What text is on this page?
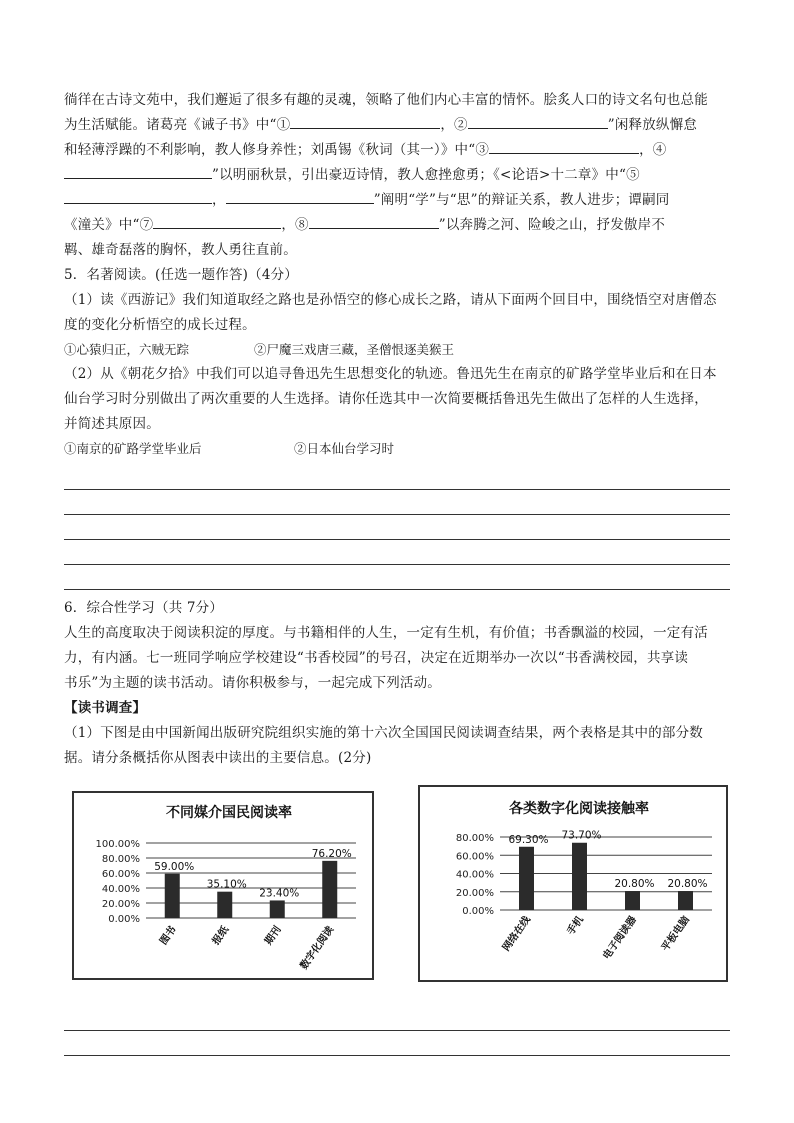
徜徉在古诗文苑中，我们邂逅了很多有趣的灵魂，领略了他们内心丰富的情怀。脍炙人口的诗文名句也总能

为生活赋能。诸葛亮《诫子书》中“①	，②	”闲释放纵懈怠

和轻薄浮躁的不利影响，教人修身养性；刘禹锡《秋词（其一）》中“③	，④

”以明丽秋景，引出豪迈诗情，教人愈挫愈勇；《<论语>十二章》中“⑤

，	”阐明“学”与“思”的辩证关系，教人进步；谭嗣同

《潼关》中“⑦	，⑧	”以奔腾之河、险峻之山，抒发傲岸不

羁、雄奇磊落的胸怀，教人勇往直前。

5．名著阅读。(任选一题作答)（4分）

（1）读《西游记》我们知道取经之路也是孙悟空的修心成长之路，请从下面两个回目中，围绕悟空对唐僧态

度的变化分析悟空的成长过程。

①心猿归正，六贼无踪	②尸魔三戏唐三藏，圣僧恨逐美猴王

（2）从《朝花夕拾》中我们可以追寻鲁迅先生思想变化的轨迹。鲁迅先生在南京的矿路学堂毕业后和在日本

仙台学习时分别做出了两次重要的人生选择。请你任选其中一次简要概括鲁迅先生做出了怎样的人生选择，

并简述其原因。

①南京的矿路学堂毕业后	②日本仙台学习时

6．综合性学习（共 7分）

人生的高度取决于阅读积淀的厚度。与书籍相伴的人生，一定有生机，有价值；书香飘溢的校园，一定有活

力，有内涵。七一班同学响应学校建设“书香校园”的号召，决定在近期举办一次以“书香满校园，共享读

书乐”为主题的读书活动。请你积极参与，一起完成下列活动。

【读书调查】

（1）下图是由中国新闻出版研究院组织实施的第十六次全国国民阅读调查结果，两个表格是其中的部分数

据。请分条概括你从图表中读出的主要信息。(2分)

不同媒介国民阅读率
100.00%
80.00%
60.00%
40.00%
20.00%
0.00%
59.00%
图书
35.10%
报纸
23.40%
期刊
76.20%
数字化阅读
各类数字化阅读接触率
80.00%
60.00%
40.00%
20.00%
0.00%
69.30%
网络在线
73.70%
手机
20.80%
电子阅读器
20.80%
平板电脑
